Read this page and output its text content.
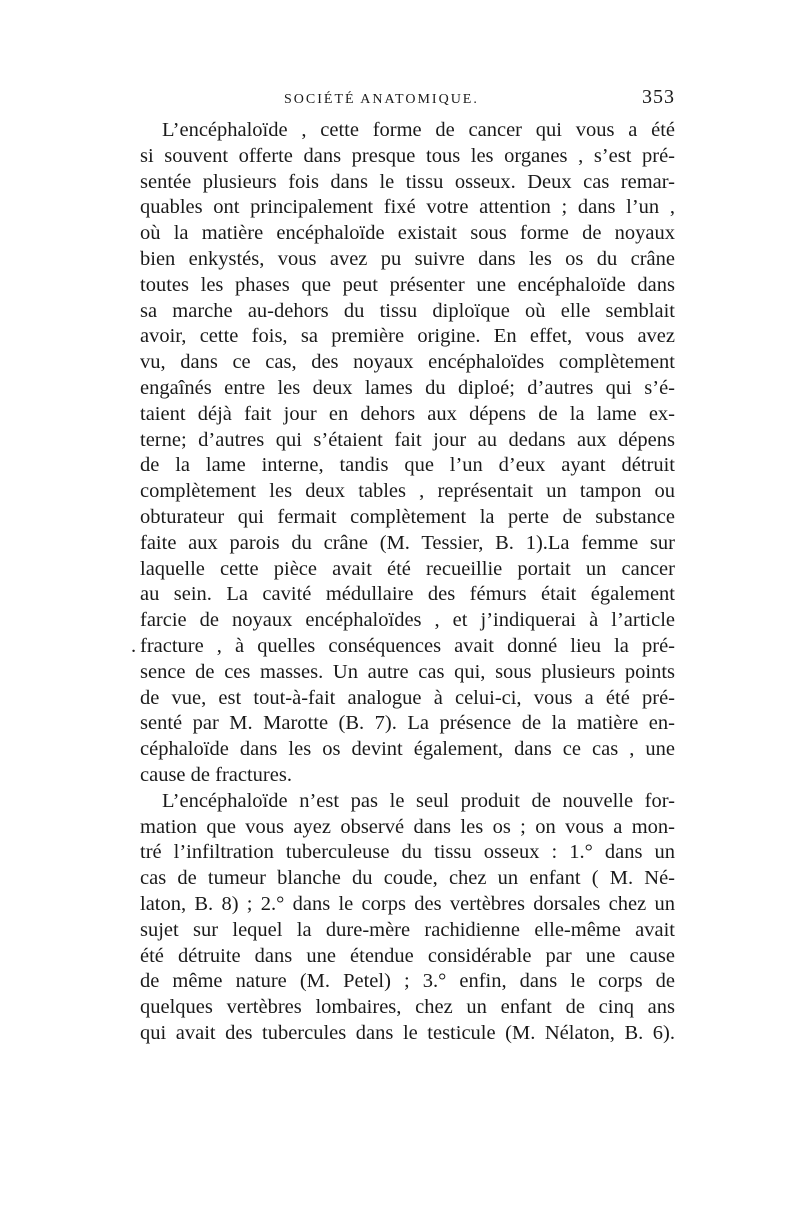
SOCIÉTÉ ANATOMIQUE.	353
L’encéphaloïde , cette forme de cancer qui vous a été
si souvent offerte dans presque tous les organes , s’est pré-
sentée plusieurs fois dans le tissu osseux. Deux cas remar-
quables ont principalement fixé votre attention ; dans l’un ,
où la matière encéphaloïde existait sous forme de noyaux
bien enkystés, vous avez pu suivre dans les os du crâne
toutes les phases que peut présenter une encéphaloïde dans
sa marche au-dehors du tissu diploïque où elle semblait
avoir, cette fois, sa première origine. En effet, vous avez
vu, dans ce cas, des noyaux encéphaloïdes complètement
engaînés entre les deux lames du diploé; d’autres qui s’é-
taient déjà fait jour en dehors aux dépens de la lame ex-
terne; d’autres qui s’étaient fait jour au dedans aux dépens
de la lame interne, tandis que l’un d’eux ayant détruit
complètement les deux tables , représentait un tampon ou
obturateur qui fermait complètement la perte de substance
faite aux parois du crâne (M. Tessier, B. 1).La femme sur
laquelle cette pièce avait été recueillie portait un cancer
au sein. La cavité médullaire des fémurs était également
farcie de noyaux encéphaloïdes , et j’indiquerai à l’article
. fracture , à quelles conséquences avait donné lieu la pré-
sence de ces masses. Un autre cas qui, sous plusieurs points
de vue, est tout-à-fait analogue à celui-ci, vous a été pré-
senté par M. Marotte (B. 7). La présence de la matière en-
céphaloïde dans les os devint également, dans ce cas , une
cause de fractures.
L’encéphaloïde n’est pas le seul produit de nouvelle for-
mation que vous ayez observé dans les os ; on vous a mon-
tré l’infiltration tuberculeuse du tissu osseux : 1.° dans un
cas de tumeur blanche du coude, chez un enfant ( M. Né-
laton, B. 8) ; 2.° dans le corps des vertèbres dorsales chez un
sujet sur lequel la dure-mère rachidienne elle-même avait
été détruite dans une étendue considérable par une cause
de même nature (M. Petel) ; 3.° enfin, dans le corps de
quelques vertèbres lombaires, chez un enfant de cinq ans
qui avait des tubercules dans le testicule (M. Nélaton, B. 6).
